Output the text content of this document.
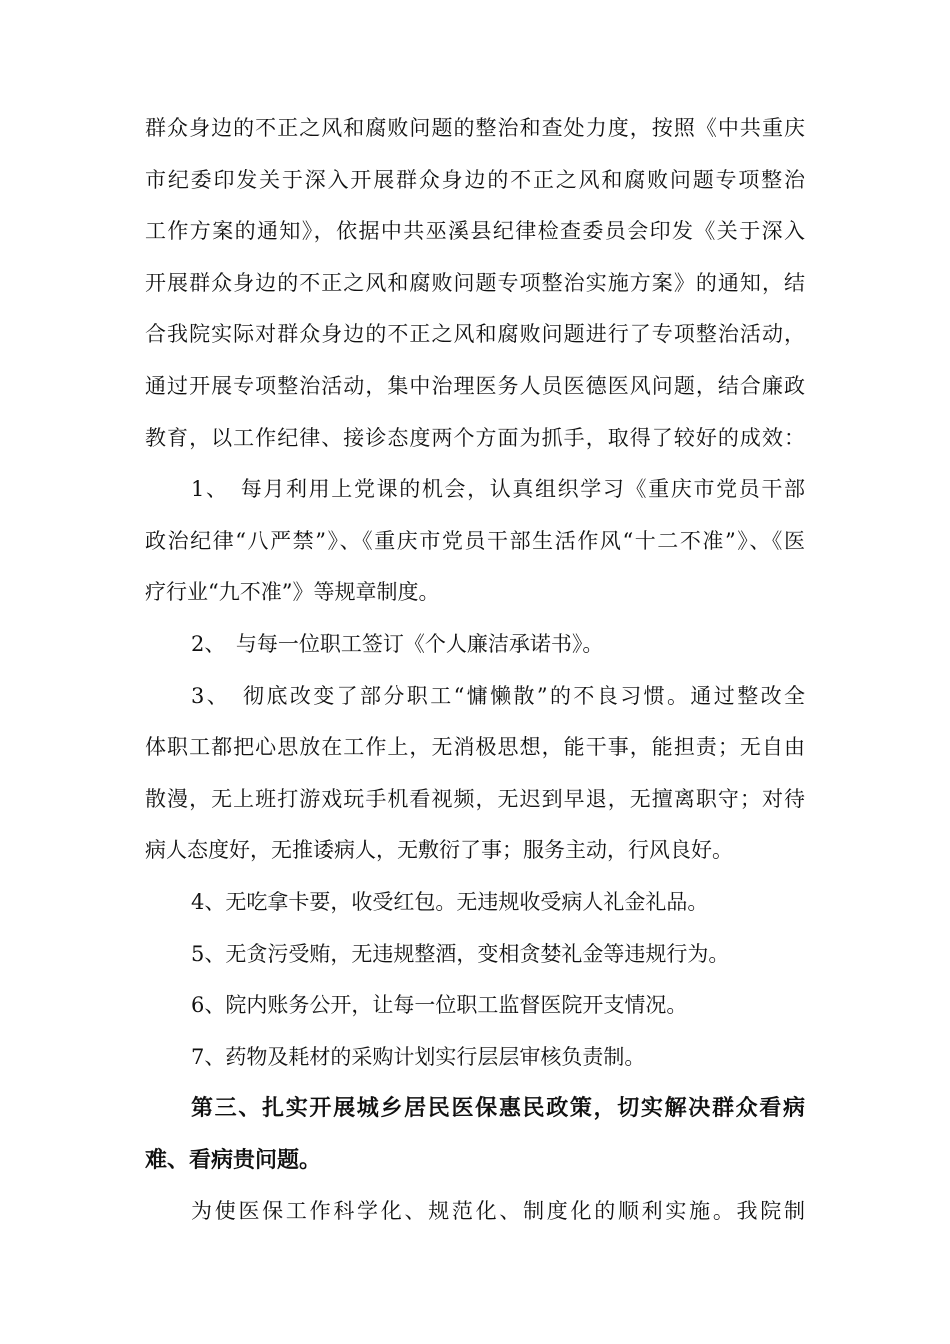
群众身边的不正之风和腐败问题的整治和查处力度，按照《中共重庆
市纪委印发关于深入开展群众身边的不正之风和腐败问题专项整治
工作方案的通知》，依据中共巫溪县纪律检查委员会印发《关于深入
开展群众身边的不正之风和腐败问题专项整治实施方案》的通知，结
合我院实际对群众身边的不正之风和腐败问题进行了专项整治活动，
通过开展专项整治活动，集中治理医务人员医德医风问题，结合廉政
教育，以工作纪律、接诊态度两个方面为抓手，取得了较好的成效：
1、　每月利用上党课的机会，认真组织学习《重庆市党员干部
政治纪律“八严禁”》、《重庆市党员干部生活作风“十二不准”》、《医
疗行业“九不准”》等规章制度。
2、　与每一位职工签订《个人廉洁承诺书》。
3、　彻底改变了部分职工“慵懒散”的不良习惯。通过整改全
体职工都把心思放在工作上，无消极思想，能干事，能担责；无自由
散漫，无上班打游戏玩手机看视频，无迟到早退，无擅离职守；对待
病人态度好，无推诿病人，无敷衍了事；服务主动，行风良好。
4、无吃拿卡要，收受红包。无违规收受病人礼金礼品。
5、无贪污受贿，无违规整酒，变相贪婪礼金等违规行为。
6、院内账务公开，让每一位职工监督医院开支情况。
7、药物及耗材的采购计划实行层层审核负责制。
第三、扎实开展城乡居民医保惠民政策，切实解决群众看病
难、看病贵问题。
为使医保工作科学化、规范化、制度化的顺利实施。我院制
